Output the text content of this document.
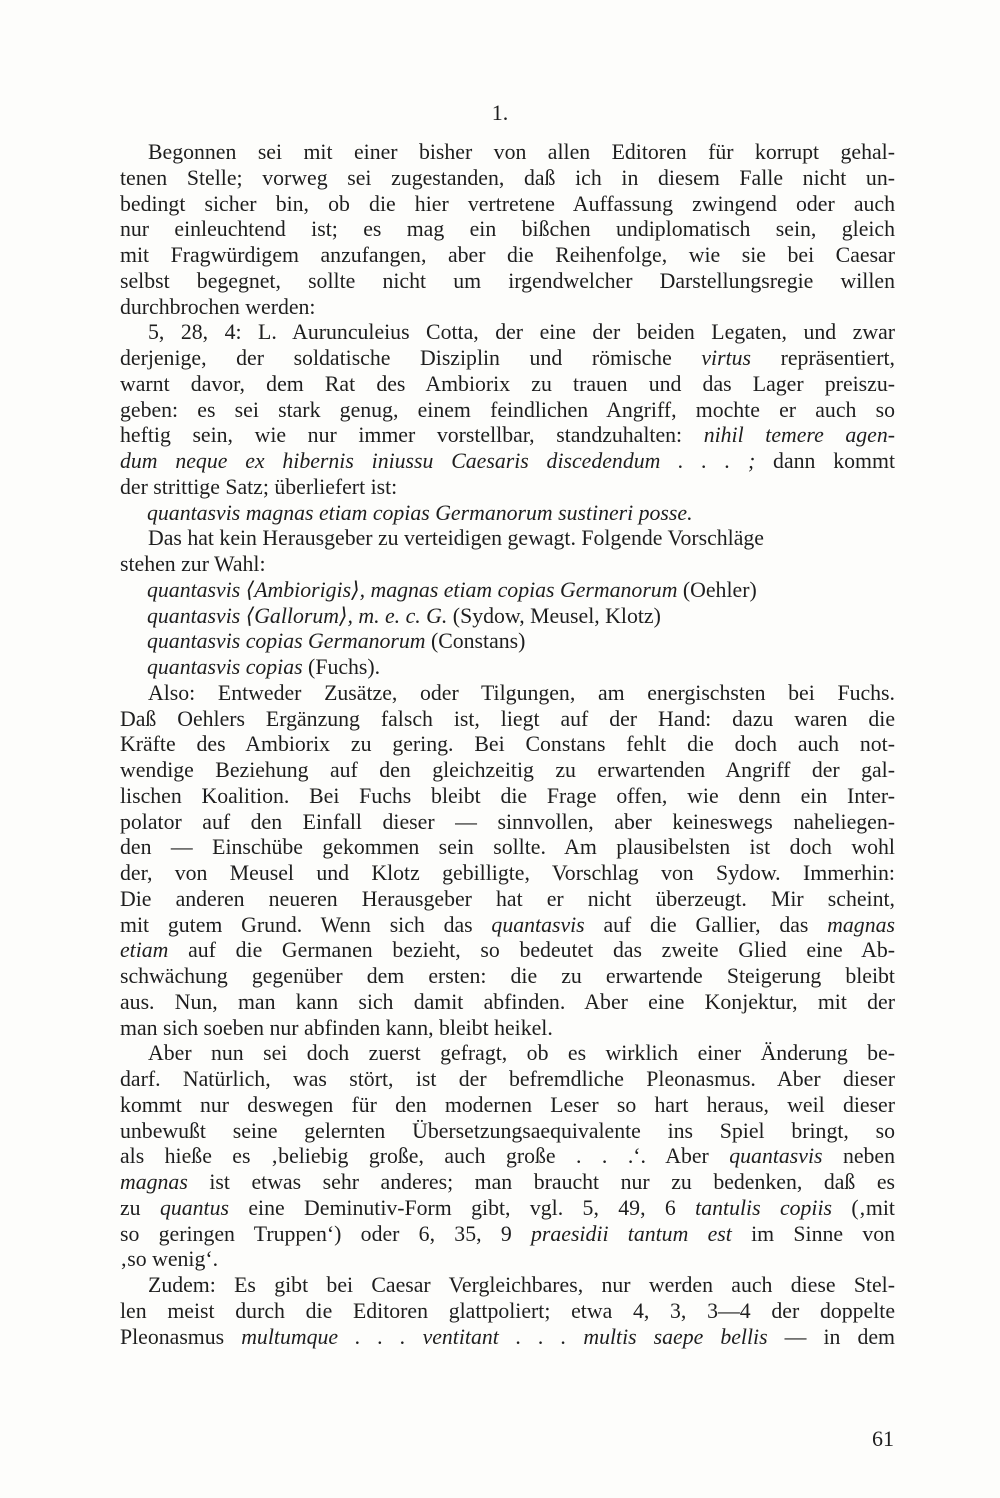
1.
Begonnen sei mit einer bisher von allen Editoren für korrupt gehal-
tenen Stelle; vorweg sei zugestanden, daß ich in diesem Falle nicht un-
bedingt sicher bin, ob die hier vertretene Auffassung zwingend oder auch
nur einleuchtend ist; es mag ein bißchen undiplomatisch sein, gleich
mit Fragwürdigem anzufangen, aber die Reihenfolge, wie sie bei Caesar
selbst begegnet, sollte nicht um irgendwelcher Darstellungsregie willen
durchbrochen werden:
5, 28, 4: L. Aurunculeius Cotta, der eine der beiden Legaten, und zwar
derjenige, der soldatische Disziplin und römische virtus repräsentiert,
warnt davor, dem Rat des Ambiorix zu trauen und das Lager preiszu-
geben: es sei stark genug, einem feindlichen Angriff, mochte er auch so
heftig sein, wie nur immer vorstellbar, standzuhalten: nihil temere agen-
dum neque ex hibernis iniussu Caesaris discedendum . . . ; dann kommt
der strittige Satz; überliefert ist:
quantasvis magnas etiam copias Germanorum sustineri posse.
Das hat kein Herausgeber zu verteidigen gewagt. Folgende Vorschläge
stehen zur Wahl:
quantasvis ⟨Ambiorigis⟩, magnas etiam copias Germanorum (Oehler)
quantasvis ⟨Gallorum⟩, m. e. c. G. (Sydow, Meusel, Klotz)
quantasvis copias Germanorum (Constans)
quantasvis copias (Fuchs).
Also: Entweder Zusätze, oder Tilgungen, am energischsten bei Fuchs.
Daß Oehlers Ergänzung falsch ist, liegt auf der Hand: dazu waren die
Kräfte des Ambiorix zu gering. Bei Constans fehlt die doch auch not-
wendige Beziehung auf den gleichzeitig zu erwartenden Angriff der gal-
lischen Koalition. Bei Fuchs bleibt die Frage offen, wie denn ein Inter-
polator auf den Einfall dieser — sinnvollen, aber keineswegs naheliegen-
den — Einschübe gekommen sein sollte. Am plausibelsten ist doch wohl
der, von Meusel und Klotz gebilligte, Vorschlag von Sydow. Immerhin:
Die anderen neueren Herausgeber hat er nicht überzeugt. Mir scheint,
mit gutem Grund. Wenn sich das quantasvis auf die Gallier, das magnas
etiam auf die Germanen bezieht, so bedeutet das zweite Glied eine Ab-
schwächung gegenüber dem ersten: die zu erwartende Steigerung bleibt
aus. Nun, man kann sich damit abfinden. Aber eine Konjektur, mit der
man sich soeben nur abfinden kann, bleibt heikel.
Aber nun sei doch zuerst gefragt, ob es wirklich einer Änderung be-
darf. Natürlich, was stört, ist der befremdliche Pleonasmus. Aber dieser
kommt nur deswegen für den modernen Leser so hart heraus, weil dieser
unbewußt seine gelernten Übersetzungsaequivalente ins Spiel bringt, so
als hieße es ‚beliebig große, auch große . . .‘. Aber quantasvis neben
magnas ist etwas sehr anderes; man braucht nur zu bedenken, daß es
zu quantus eine Deminutiv-Form gibt, vgl. 5, 49, 6 tantulis copiis (‚mit
so geringen Truppen‘) oder 6, 35, 9 praesidii tantum est im Sinne von
‚so wenig‘.
Zudem: Es gibt bei Caesar Vergleichbares, nur werden auch diese Stel-
len meist durch die Editoren glattpoliert; etwa 4, 3, 3—4 der doppelte
Pleonasmus multumque . . . ventitant . . . multis saepe bellis — in dem
61
